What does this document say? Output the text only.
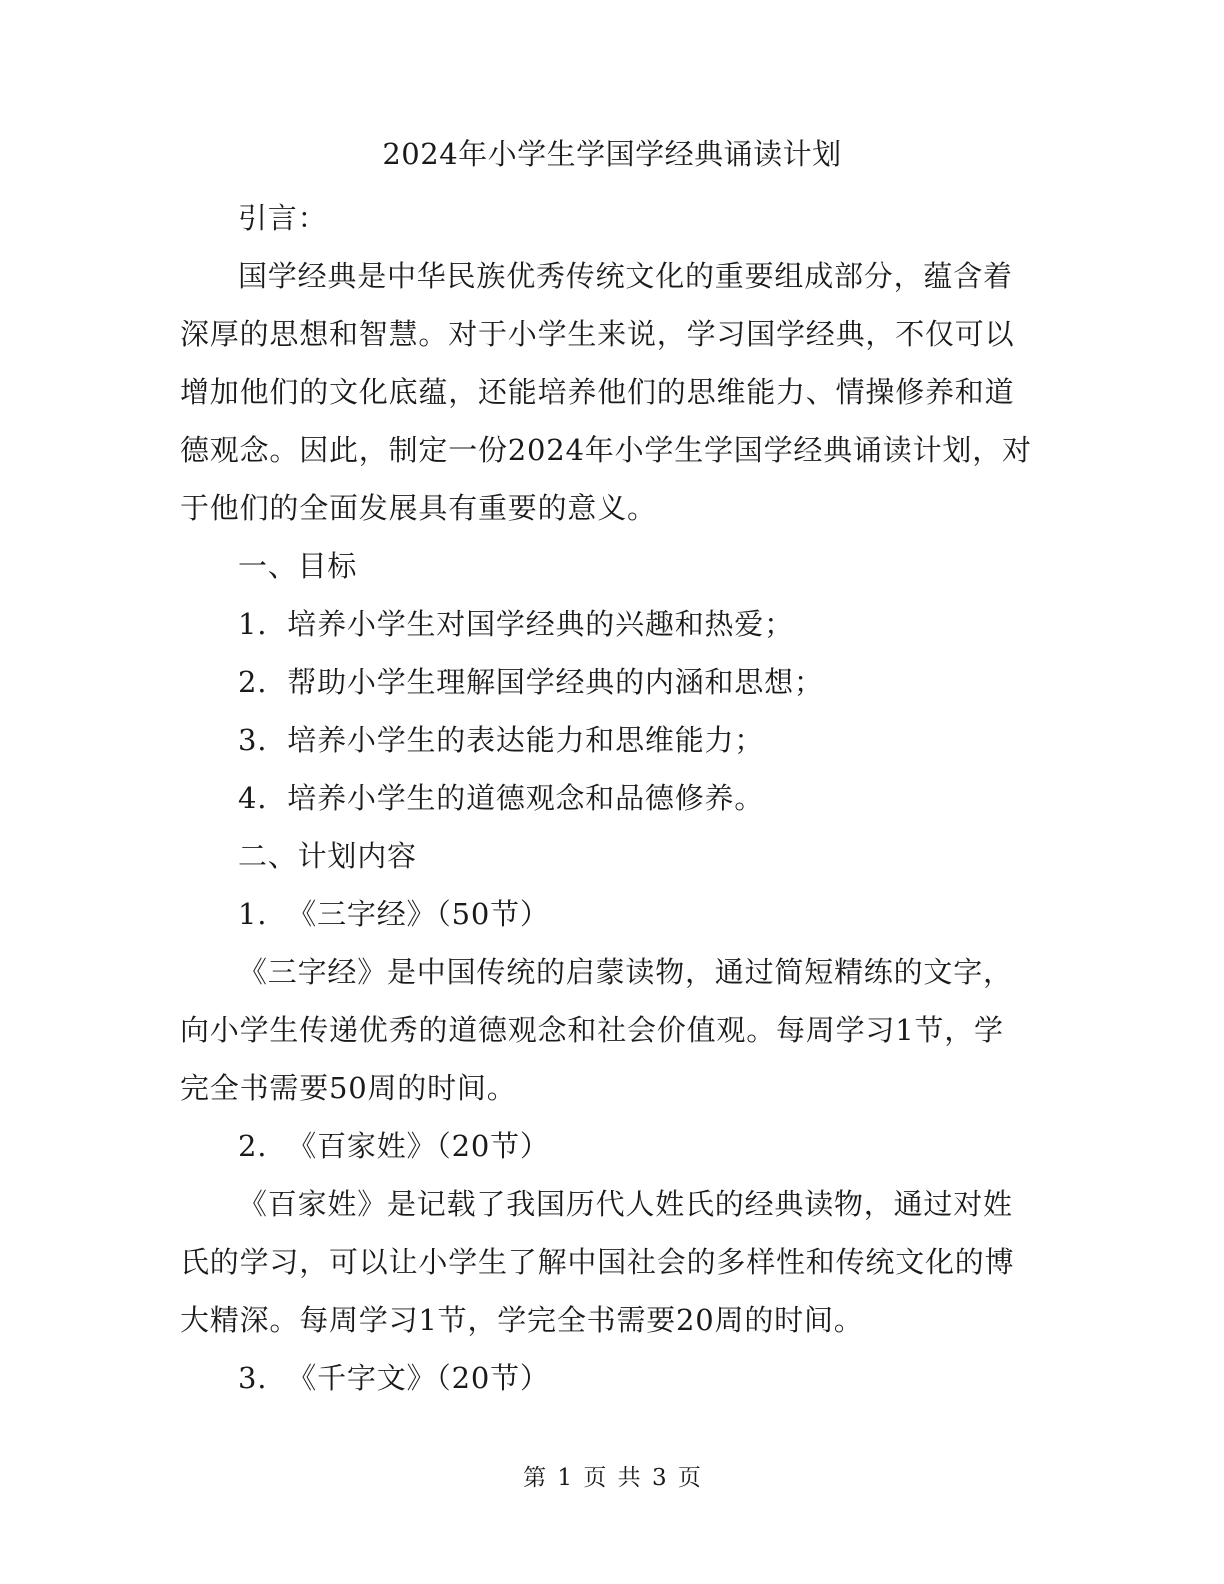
2024年小学生学国学经典诵读计划

引言：

国学经典是中华民族优秀传统文化的重要组成部分，蕴含着深厚的思想和智慧。对于小学生来说，学习国学经典，不仅可以增加他们的文化底蕴，还能培养他们的思维能力、情操修养和道德观念。因此，制定一份2024年小学生学国学经典诵读计划，对于他们的全面发展具有重要的意义。

一、目标

1.  培养小学生对国学经典的兴趣和热爱；

2.  帮助小学生理解国学经典的内涵和思想；

3.  培养小学生的表达能力和思维能力；

4.  培养小学生的道德观念和品德修养。

二、计划内容

1.  《三字经》（50节）

《三字经》是中国传统的启蒙读物，通过简短精练的文字，向小学生传递优秀的道德观念和社会价值观。每周学习1节，学完全书需要50周的时间。

2.  《百家姓》（20节）

《百家姓》是记载了我国历代人姓氏的经典读物，通过对姓氏的学习，可以让小学生了解中国社会的多样性和传统文化的博大精深。每周学习1节，学完全书需要20周的时间。

3.  《千字文》（20节）

第 1 页 共 3 页
